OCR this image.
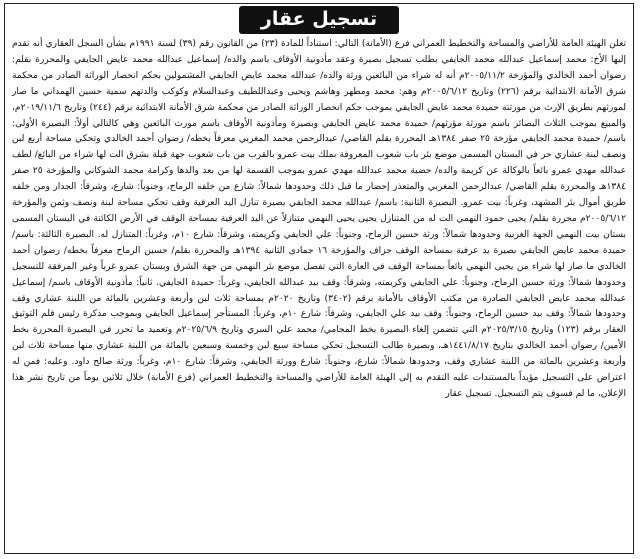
تسجيل عقار

تعلن الهيئة العامة للأراضي والمساحة والتخطيط العمراني فرع (الأمانة) التالي: استناداً للمادة (٢٣) من القانون رقم (٣٩) لسنة ١٩٩١م بشأن السجل العقاري أنه تقدم إليها الأخ: محمد إسماعيل عبدالله محمد الجايفي بطلب تسجيل بصيرة وعقد مأذونية الأوقاف باسم والده/ إسماعيل عبدالله محمد عايض الجايفي والمحررة بقلم: رضوان أحمد الخالدي والمؤرخة ٢٠٠٥/١١/٢م أنه له شراء من البائعين ورثة والده/ عبدالله محمد عايض الجايفي المشمولين بحكم انحصار الوراثة الصادر من محكمة شرق الأمانة الابتدائية برقم (٢٢٦) وتاريخ ٢٠٠٥/٦/١٢م وهم: محمد ومطهر وهاشم ويحيى وعبداللطيف وعبدالسلام وكوكب والدتهم سمية حسين الهمداني ما صار لمورثهم بطريق الإرث من مورثته حميدة محمد عايض الجايفي بموجب حكم انحصار الوراثة الصادر من محكمة شرق الأمانة الابتدائية برقم (٢٤٤) وتاريخ ٢٠١٩/١١/٦م، والمبيع بموجب الثلاث البصائر باسم مورثة مؤرثهم/ حميدة محمد عايض الجايفي وبصيرة ومأذونية الأوقاف باسم مورث البائعين وهي كالتالي أولاً: البصيرة الأولى: باسم/ حميدة محمد الجايفي مؤرخة ٢٥ صفر ١٣٨٤هـ المحررة بقلم القاضي/ عبدالرحمن محمد المغربي معرفاً بخطه/ رضوان أحمد الخالدي وتحكي مساحة أربع لبن ونصف لبنة عشاري حر في البستان المسمى موضع بئر باب شعوب المعروفة بملك بيت عمرو بالقرب من باب شعوب جهة قبلة بشرق الت لها شراء من البائع/ لطف عبدالله مهدي عمرو بائعاً بالوكالة عن كريمة والده/ حضية محمد عبدالله مهدي عمرو بموجب القسمة لها من بعد والدها وكرامة محمد الشوكاني والمؤرخة ٢٥ صفر ١٣٨٤هـ والمحررة بقلم القاضي/ عبدالرحمن المغربي والمتعذر إحضار ما قبل ذلك وحدودها شمالاً: شارع من خلفه الرماح، وجنوباً: شارع، وشرقاً: الجدار ومن خلفه طريق أموال بئر المشهد، وغرباً: بيت عمرو. البصيرة الثانية: باسم/ عبدالله محمد الجايفي بصيرة تنازل اليد العرفية وقف تحكي مساحة لبنة ونصف وثمن والمؤرخة ٢٠٠٥/٦/١٢م محررة بقلم/ يحيى حمود النهمي الت له من المتنازل يحيى يحيى النهمي متنازلاً عن اليد العرفية بمساحة الوقف في الأرض الكائنة في البستان المسمى بستان بيت النهمي الجهة الغربية وحدودها شمالاً: ورثة حسين الرماح، وجنوباً: علي الجايفي وكريمته، وشرقاً: شارع ١٠م، وغرباً: المتنازل له. البصيرة الثالثة: باسم/ حميدة محمد عايض الجايفي بصيرة يد عرفية بمساحة الوقف جزاف والمؤرخة ١٦ جمادى الثانية ١٣٩٤هـ والمحررة بقلم/ حسين الرماح معرفاً بخطه/ رضوان أحمد الخالدي ما صار لها شراء من يحيى النهمي بائعاً بمساحة الوقف في العارة التي تفصل موضع بئر النهمي من جهة الشرق وبستان عمرو غرباً وغير المرفقة للتسجيل وحدودها شمالاً: ورثة حسين الرماح، وجنوباً: علي الجايفي وكريمته، وشرقاً: وقف بيد عبدالله الجايفي، وغرباً: حميدة الجايفي. ثانياً: مأذونية الأوقاف باسم/ إسماعيل عبدالله محمد عايض الجايفي الصادرة من مكتب الأوقاف بالأمانة برقم (٣٤٠٢) وتاريخ ٢٠٢٠م بمساحة ثلاث لبن وأربعة وعشرين بالمائة من اللبنة عشاري وقف وحدودها شمالاً: وقف بيد حسين الرماح، وجنوباً: وقف بيد علي الجايفي، وشرقاً: شارع ١٠م، وغرباً: المستأجر إسماعيل الجايفي وبموجب مذكرة رئيس قلم التوثيق العقار برقم (١٢٣) وتاريخ ٢٠٢٥/٣/١٥م التي تتضمن إلغاء البصيرة بخط المحامي/ محمد علي السري وتاريخ ٢٠٢٥/٦/٩م وتعميد ما تحرر في البصيرة المحررة بخط الأمين/ رضوان أحمد الخالدي بتاريخ ١٤٤١/٨/١٧هـ، وبصيرة طالب التسجيل تحكي مساحة سبع لبن وخمسة وسبعين بالمائة من اللبنة عشاري منها مساحة ثلاث لبن وأربعة وعشرين بالمائة من اللبنة عشاري وقف، وحدودها شمالاً: شارع، وجنوباً: شارع وورثة الجايفي، وشرقاً: شارع ١٠م، وغرباً: ورثة صالح داود. وعليه: فمن له اعتراض على التسجيل مؤيداً بالمستندات عليه التقدم به إلى الهيئة العامة للأراضي والمساحة والتخطيط العمراني (فرع الأمانة) خلال ثلاثين يوماً من تاريخ نشر هذا الإعلان، ما لم فسوف يتم التسجيل. تسجيل عقار
